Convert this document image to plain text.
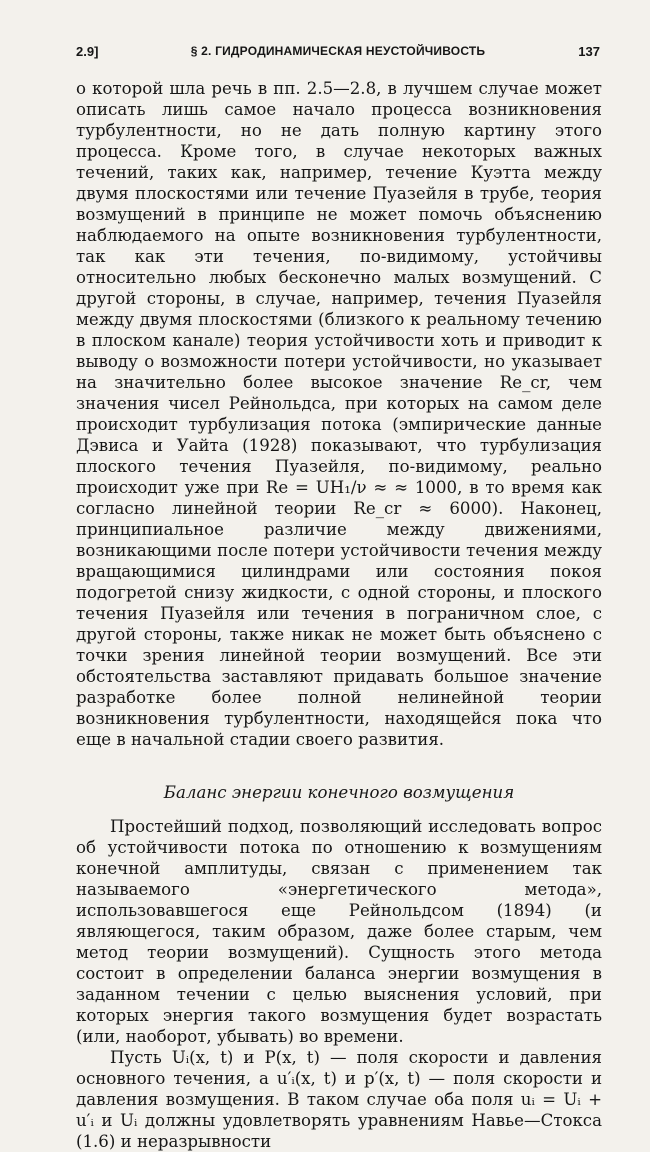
2.9]	§ 2. ГИДРОДИНАМИЧЕСКАЯ НЕУСТОЙЧИВОСТЬ	137

о которой шла речь в пп. 2.5—2.8, в лучшем случае может описать лишь самое начало процесса возникновения турбулентности, но не дать полную картину этого процесса. Кроме того, в случае некоторых важных течений, таких как, например, течение Куэтта между двумя плоскостями или течение Пуазейля в трубе, теория возмущений в принципе не может помочь объяснению наблюдаемого на опыте возникновения турбулентности, так как эти течения, по-видимому, устойчивы относительно любых бесконечно малых возмущений. С другой стороны, в случае, например, течения Пуазейля между двумя плоскостями (близкого к реальному течению в плоском канале) теория устойчивости хоть и приводит к выводу о возможности потери устойчивости, но указывает на значительно более высокое значение Re_cr, чем значения чисел Рейнольдса, при которых на самом деле происходит турбулизация потока (эмпирические данные Дэвиса и Уайта (1928) показывают, что турбулизация плоского течения Пуазейля, по-видимому, реально происходит уже при Re = UH₁/ν ≈ ≈ 1000, в то время как согласно линейной теории Re_cr ≈ 6000). Наконец, принципиальное различие между движениями, возникающими после потери устойчивости течения между вращающимися цилиндрами или состояния покоя подогретой снизу жидкости, с одной стороны, и плоского течения Пуазейля или течения в пограничном слое, с другой стороны, также никак не может быть объяснено с точки зрения линейной теории возмущений. Все эти обстоятельства заставляют придавать большое значение разработке более полной нелинейной теории возникновения турбулентности, находящейся пока что еще в начальной стадии своего развития.

Баланс энергии конечного возмущения

Простейший подход, позволяющий исследовать вопрос об устойчивости потока по отношению к возмущениям конечной амплитуды, связан с применением так называемого «энергетического метода», использовавшегося еще Рейнольдсом (1894) (и являющегося, таким образом, даже более старым, чем метод теории возмущений). Сущность этого метода состоит в определении баланса энергии возмущения в заданном течении с целью выяснения условий, при которых энергия такого возмущения будет возрастать (или, наоборот, убывать) во времени.

Пусть Uᵢ(x, t) и P(x, t) — поля скорости и давления основного течения, а u′ᵢ(x, t) и p′(x, t) — поля скорости и давления возмущения. В таком случае оба поля uᵢ = Uᵢ + u′ᵢ и Uᵢ должны удовлетворять уравнениям Навье—Стокса (1.6) и неразрывности
